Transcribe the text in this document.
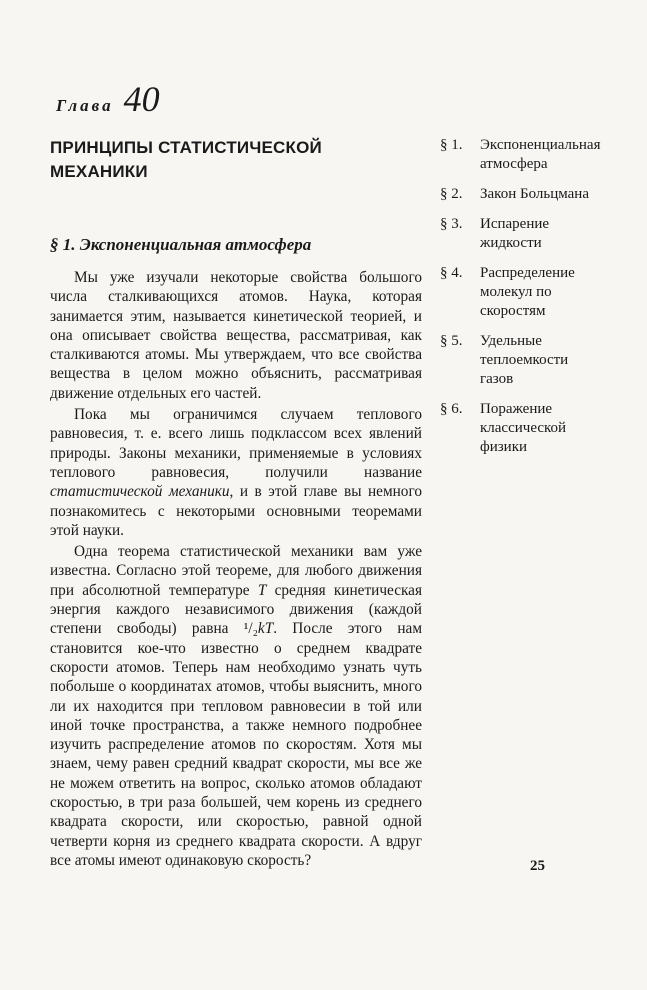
Глава 40
ПРИНЦИПЫ СТАТИСТИЧЕСКОЙ
МЕХАНИКИ
§ 1.	Экспоненциальная атмосфера
§ 2.	Закон Больцмана
§ 3.	Испарение жидкости
§ 4.	Распределение молекул по скоростям
§ 5.	Удельные теплоемкости газов
§ 6.	Поражение классической физики
§ 1. Экспоненциальная атмосфера

Мы уже изучали некоторые свойства большого числа сталкивающихся атомов. Наука, которая занимается этим, называется кинетической теорией, и она описывает свойства вещества, рассматривая, как сталкиваются атомы. Мы утверждаем, что все свойства вещества в целом можно объяснить, рассматривая движение отдельных его частей.

Пока мы ограничимся случаем теплового равновесия, т. е. всего лишь подклассом всех явлений природы. Законы механики, применяемые в условиях теплового равновесия, получили название статистической механики, и в этой главе вы немного познакомитесь с некоторыми основными теоремами этой науки.

Одна теорема статистической механики вам уже известна. Согласно этой теореме, для любого движения при абсолютной температуре T средняя кинетическая энергия каждого независимого движения (каждой степени свободы) равна ¹/₂kT. После этого нам становится кое-что известно о среднем квадрате скорости атомов. Теперь нам необходимо узнать чуть побольше о координатах атомов, чтобы выяснить, много ли их находится при тепловом равновесии в той или иной точке пространства, а также немного подробнее изучить распределение атомов по скоростям. Хотя мы знаем, чему равен средний квадрат скорости, мы все же не можем ответить на вопрос, сколько атомов обладают скоростью, в три раза большей, чем корень из среднего квадрата скорости, или скоростью, равной одной четверти корня из среднего квадрата скорости. А вдруг все атомы имеют одинаковую скорость?	25
